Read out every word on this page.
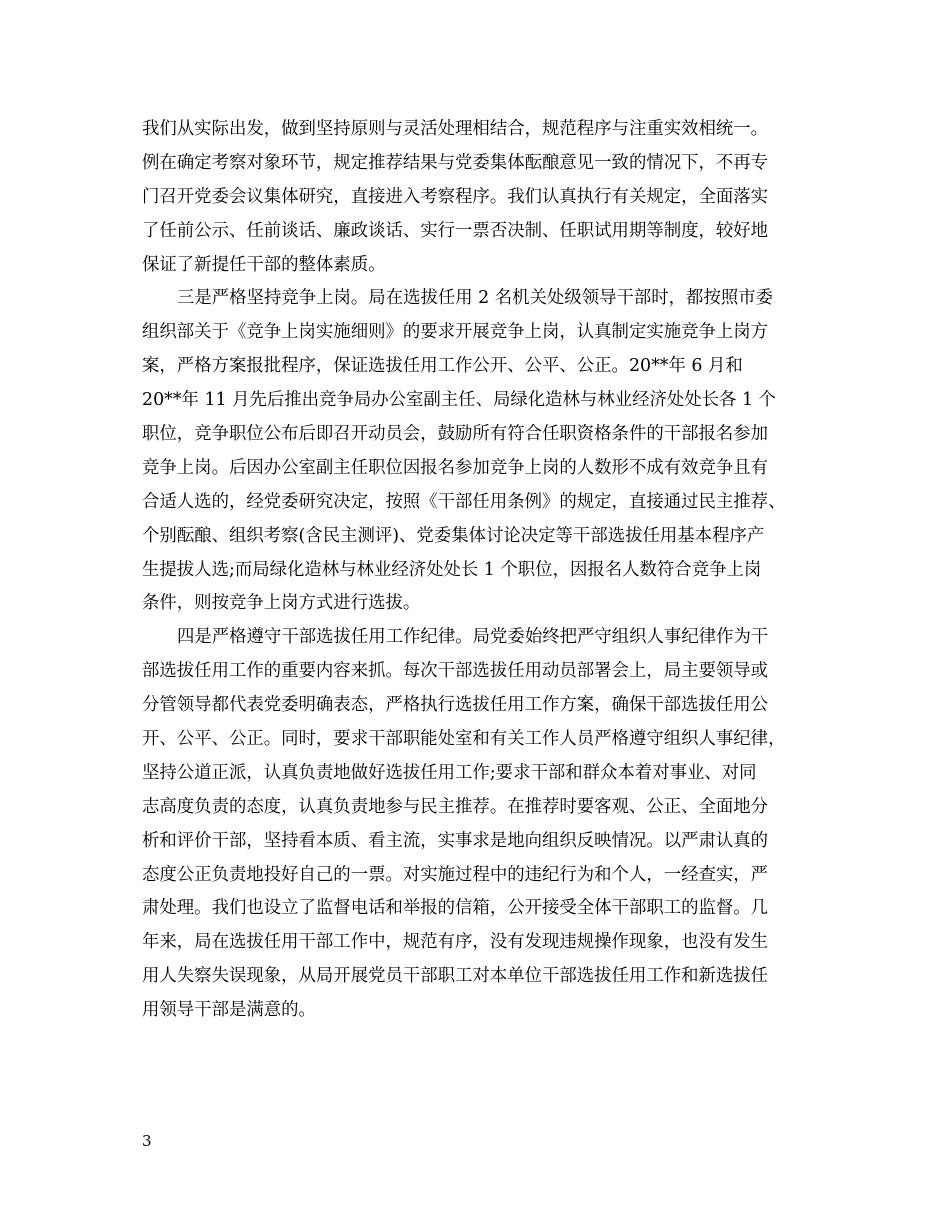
我们从实际出发，做到坚持原则与灵活处理相结合，规范程序与注重实效相统一。

例在确定考察对象环节，规定推荐结果与党委集体酝酿意见一致的情况下，不再专

门召开党委会议集体研究，直接进入考察程序。我们认真执行有关规定，全面落实

了任前公示、任前谈话、廉政谈话、实行一票否决制、任职试用期等制度，较好地

保证了新提任干部的整体素质。

三是严格坚持竞争上岗。局在选拔任用 2 名机关处级领导干部时，都按照市委

组织部关于《竞争上岗实施细则》的要求开展竞争上岗，认真制定实施竞争上岗方

案，严格方案报批程序，保证选拔任用工作公开、公平、公正。20**年 6 月和

20**年 11 月先后推出竞争局办公室副主任、局绿化造林与林业经济处处长各 1 个

职位，竞争职位公布后即召开动员会，鼓励所有符合任职资格条件的干部报名参加

竞争上岗。后因办公室副主任职位因报名参加竞争上岗的人数形不成有效竞争且有

合适人选的，经党委研究决定，按照《干部任用条例》的规定，直接通过民主推荐、

个别酝酿、组织考察(含民主测评)、党委集体讨论决定等干部选拔任用基本程序产

生提拔人选;而局绿化造林与林业经济处处长 1 个职位，因报名人数符合竞争上岗

条件，则按竞争上岗方式进行选拔。

四是严格遵守干部选拔任用工作纪律。局党委始终把严守组织人事纪律作为干

部选拔任用工作的重要内容来抓。每次干部选拔任用动员部署会上，局主要领导或

分管领导都代表党委明确表态，严格执行选拔任用工作方案，确保干部选拔任用公

开、公平、公正。同时，要求干部职能处室和有关工作人员严格遵守组织人事纪律，

坚持公道正派，认真负责地做好选拔任用工作;要求干部和群众本着对事业、对同

志高度负责的态度，认真负责地参与民主推荐。在推荐时要客观、公正、全面地分

析和评价干部，坚持看本质、看主流，实事求是地向组织反映情况。以严肃认真的

态度公正负责地投好自己的一票。对实施过程中的违纪行为和个人，一经查实，严

肃处理。我们也设立了监督电话和举报的信箱，公开接受全体干部职工的监督。几

年来，局在选拔任用干部工作中，规范有序，没有发现违规操作现象，也没有发生

用人失察失误现象，从局开展党员干部职工对本单位干部选拔任用工作和新选拔任

用领导干部是满意的。

3
